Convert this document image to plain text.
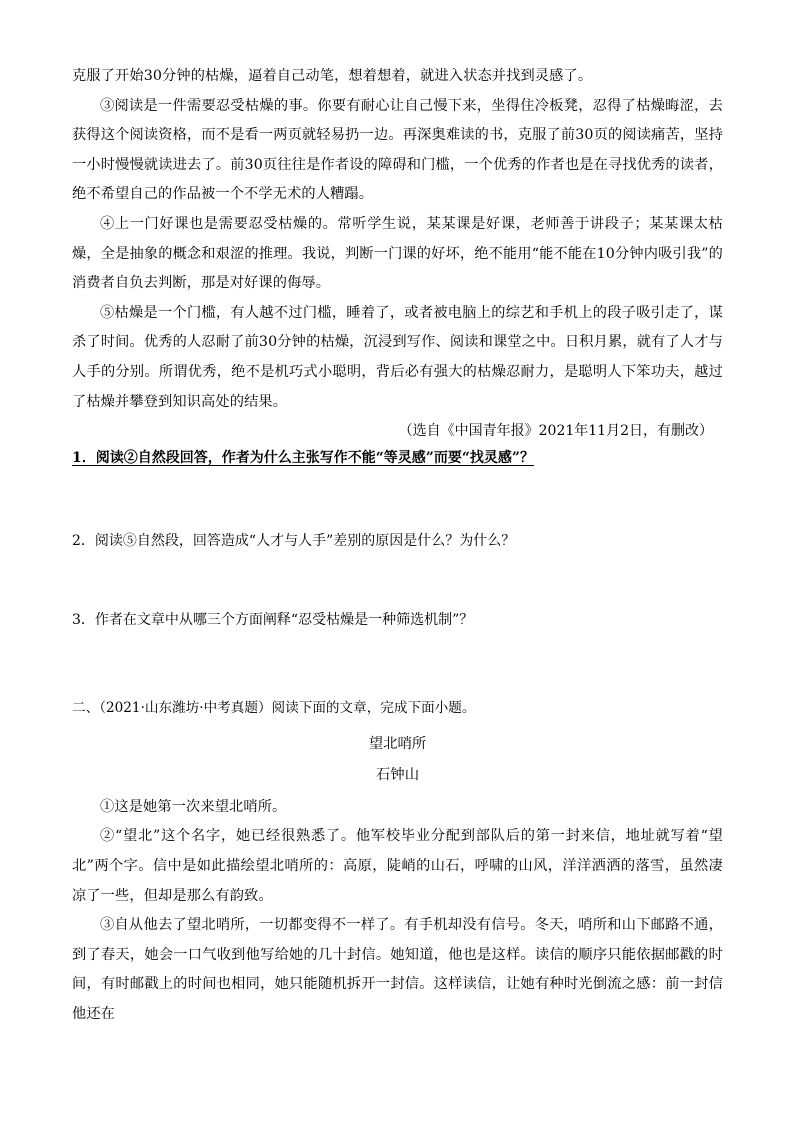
克服了开始30分钟的枯燥，逼着自己动笔，想着想着，就进入状态并找到灵感了。

③阅读是一件需要忍受枯燥的事。你要有耐心让自己慢下来，坐得住冷板凳，忍得了枯燥晦涩，去获得这个阅读资格，而不是看一两页就轻易扔一边。再深奥难读的书，克服了前30页的阅读痛苦，坚持一小时慢慢就读进去了。前30页往往是作者设的障碍和门槛，一个优秀的作者也是在寻找优秀的读者，绝不希望自己的作品被一个不学无术的人糟蹋。

④上一门好课也是需要忍受枯燥的。常听学生说，某某课是好课，老师善于讲段子；某某课太枯燥，全是抽象的概念和艰涩的推理。我说，判断一门课的好坏，绝不能用“能不能在10分钟内吸引我”的消费者自负去判断，那是对好课的侮辱。

⑤枯燥是一个门槛，有人越不过门槛，睡着了，或者被电脑上的综艺和手机上的段子吸引走了，谋杀了时间。优秀的人忍耐了前30分钟的枯燥，沉浸到写作、阅读和课堂之中。日积月累，就有了人才与人手的分别。所谓优秀，绝不是机巧式小聪明，背后必有强大的枯燥忍耐力，是聪明人下笨功夫，越过了枯燥并攀登到知识高处的结果。

（选自《中国青年报》2021年11月2日，有删改）

1．阅读②自然段回答，作者为什么主张写作不能“等灵感”而要“找灵感”？

2．阅读⑤自然段，回答造成“人才与人手”差别的原因是什么？为什么？

3．作者在文章中从哪三个方面阐释“忍受枯燥是一种筛选机制”？

二、（2021·山东潍坊·中考真题）阅读下面的文章，完成下面小题。

望北哨所

石钟山

①这是她第一次来望北哨所。

②“望北”这个名字，她已经很熟悉了。他军校毕业分配到部队后的第一封来信，地址就写着“望北”两个字。信中是如此描绘望北哨所的：高原，陡峭的山石，呼啸的山风，洋洋洒洒的落雪，虽然凄凉了一些，但却是那么有韵致。

③自从他去了望北哨所，一切都变得不一样了。有手机却没有信号。冬天，哨所和山下邮路不通，到了春天，她会一口气收到他写给她的几十封信。她知道，他也是这样。读信的顺序只能依据邮戳的时间，有时邮戳上的时间也相同，她只能随机拆开一封信。这样读信，让她有种时光倒流之感：前一封信他还在
